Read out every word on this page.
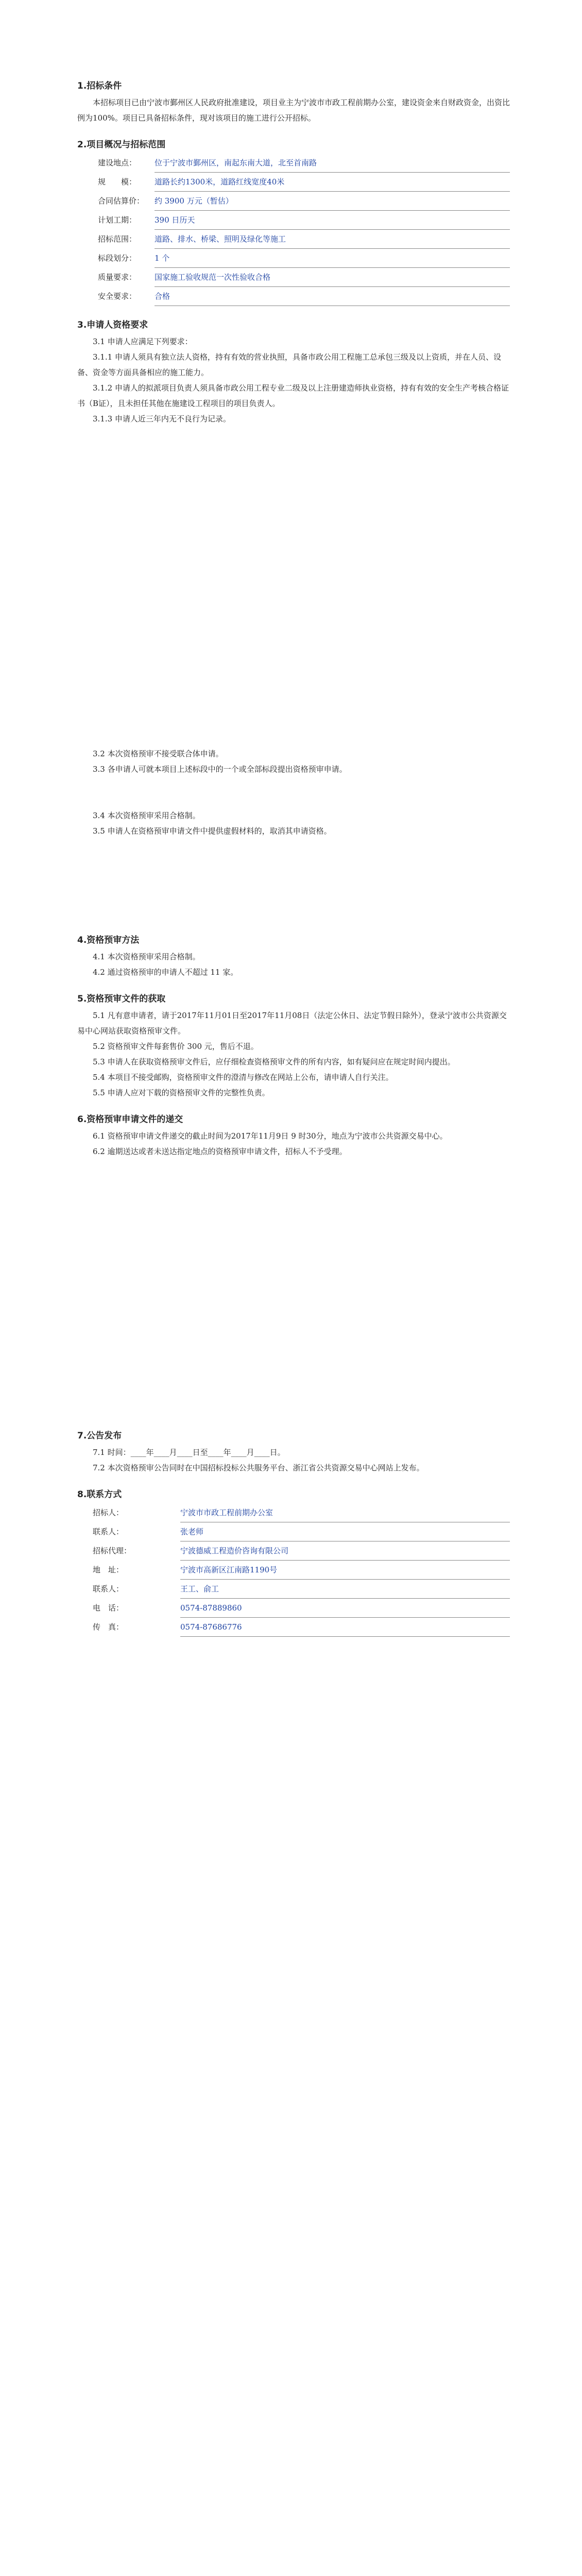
1.招标条件

本招标项目已由宁波市鄞州区人民政府批准建设，项目业主为宁波市市政工程前期办公室，建设资金来自财政资金，出资比例为100%。项目已具备招标条件，现对该项目的施工进行公开招标。

2.项目概况与招标范围
建设地点：	位于宁波市鄞州区，南起东南大道，北至首南路
规　　模：	道路长约1300米，道路红线宽度40米
合同估算价：	约 3900 万元（暂估）
计划工期：	390 日历天
招标范围：	道路、排水、桥梁、照明及绿化等施工
标段划分：	1 个
质量要求：	国家施工验收规范一次性验收合格
安全要求：	合格
3.申请人资格要求

3.1 申请人应满足下列要求：

3.1.1 申请人须具有独立法人资格，持有有效的营业执照，具备市政公用工程施工总承包三级及以上资质，并在人员、设备、资金等方面具备相应的施工能力。

3.1.2 申请人的拟派项目负责人须具备市政公用工程专业二级及以上注册建造师执业资格，持有有效的安全生产考核合格证书（B证），且未担任其他在施建设工程项目的项目负责人。

3.1.3 申请人近三年内无不良行为记录。

3.2 本次资格预审不接受联合体申请。

3.3 各申请人可就本项目上述标段中的一个或全部标段提出资格预审申请。

3.4 本次资格预审采用合格制。

3.5 申请人在资格预审申请文件中提供虚假材料的，取消其申请资格。

4.资格预审方法

4.1 本次资格预审采用合格制。

4.2 通过资格预审的申请人不超过 11 家。

5.资格预审文件的获取

5.1 凡有意申请者，请于2017年11月01日至2017年11月08日（法定公休日、法定节假日除外），登录宁波市公共资源交易中心网站获取资格预审文件。

5.2 资格预审文件每套售价 300 元，售后不退。

5.3 申请人在获取资格预审文件后，应仔细检查资格预审文件的所有内容，如有疑问应在规定时间内提出。

5.4 本项目不接受邮购，资格预审文件的澄清与修改在网站上公布，请申请人自行关注。

5.5 申请人应对下载的资格预审文件的完整性负责。

6.资格预审申请文件的递交

6.1 资格预审申请文件递交的截止时间为2017年11月9日 9 时30分，地点为宁波市公共资源交易中心。

6.2 逾期送达或者未送达指定地点的资格预审申请文件，招标人不予受理。

7.公告发布

7.1 时间：____年____月____日至____年____月____日。

7.2 本次资格预审公告同时在中国招标投标公共服务平台、浙江省公共资源交易中心网站上发布。

8.联系方式
招标人：	宁波市市政工程前期办公室
联系人：	张老师
招标代理：	宁波德威工程造价咨询有限公司
地　址：	宁波市高新区江南路1190号
联系人：	王工、俞工
电　话：	0574-87889860
传　真：	0574-87686776
